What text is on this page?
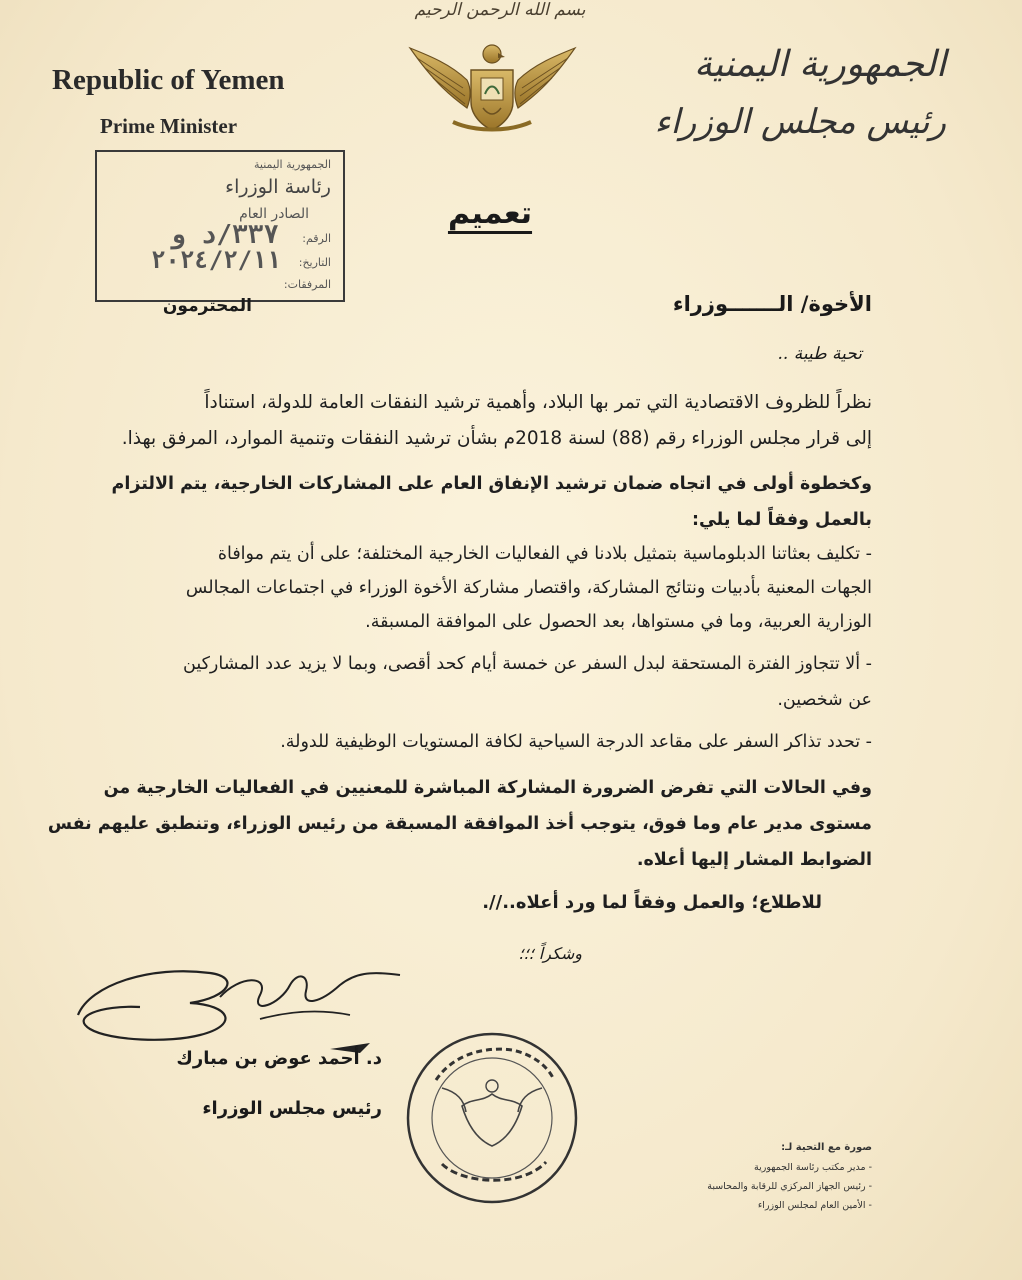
بسم الله الرحمن الرحيم
Republic of Yemen
Prime Minister
الجمهورية اليمنية
رئيس مجلس الوزراء
الجمهورية اليمنية
رئاسة الوزراء
الصادر العام
الرقم:
٣٣٧/د و
التاريخ:
٢٠٢٤/٢/١١
المرفقات:
تعميم
الأخوة/ الـــــــوزراء
المحترمون
تحية طيبة ..
نظراً للظروف الاقتصادية التي تمر بها البلاد، وأهمية ترشيد النفقات العامة للدولة، استناداً
إلى قرار مجلس الوزراء رقم (88) لسنة 2018م بشأن ترشيد النفقات وتنمية الموارد، المرفق بهذا.
وكخطوة أولى في اتجاه ضمان ترشيد الإنفاق العام على المشاركات الخارجية، يتم الالتزام
بالعمل وفقاً لما يلي:
- تكليف بعثاتنا الدبلوماسية بتمثيل بلادنا في الفعاليات الخارجية المختلفة؛ على أن يتم موافاة
الجهات المعنية بأدبيات ونتائج المشاركة، واقتصار مشاركة الأخوة الوزراء في اجتماعات المجالس
الوزارية العربية، وما في مستواها، بعد الحصول على الموافقة المسبقة.
- ألا تتجاوز الفترة المستحقة لبدل السفر عن خمسة أيام كحد أقصى، وبما لا يزيد عدد المشاركين
عن شخصين.
- تحدد تذاكر السفر على مقاعد الدرجة السياحية لكافة المستويات الوظيفية للدولة.
وفي الحالات التي تفرض الضرورة المشاركة المباشرة للمعنيين في الفعاليات الخارجية من
مستوى مدير عام وما فوق، يتوجب أخذ الموافقة المسبقة من رئيس الوزراء، وتنطبق عليهم نفس
الضوابط المشار إليها أعلاه.
للاطلاع؛ والعمل وفقاً لما ورد أعلاه..//.
وشكراً ؛؛؛
د. أحمد عوض بن مبارك
رئيس مجلس الوزراء
صورة مع التحية لـ:
- مدير مكتب رئاسة الجمهورية
- رئيس الجهاز المركزي للرقابة والمحاسبة
- الأمين العام لمجلس الوزراء
